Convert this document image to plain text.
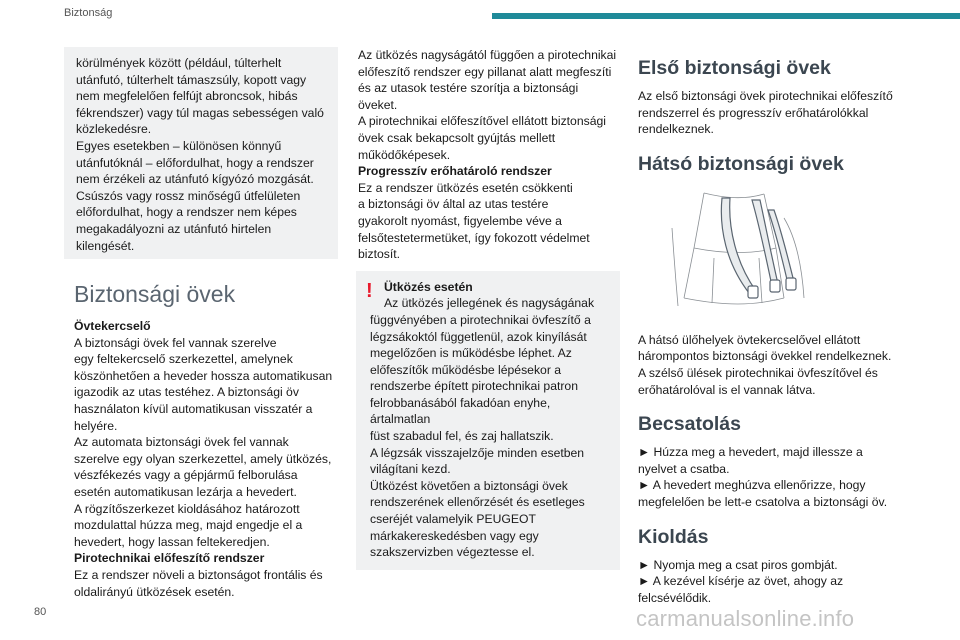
Biztonság

körülmények között (például, túlterhelt

utánfutó, túlterhelt támaszsúly, kopott vagy

nem megfelelően felfújt abroncsok, hibás

fékrendszer) vagy túl magas sebességen való

közlekedésre.

Egyes esetekben – különösen könnyű

utánfutóknál – előfordulhat, hogy a rendszer

nem érzékeli az utánfutó kígyózó mozgását.

Csúszós vagy rossz minőségű útfelületen

előfordulhat, hogy a rendszer nem képes

megakadályozni az utánfutó hirtelen

kilengését.

Biztonsági övek

Övtekercselő

A biztonsági övek fel vannak szerelve

egy feltekercselő szerkezettel, amelynek

köszönhetően a heveder hossza automatikusan

igazodik az utas testéhez. A biztonsági öv

használaton kívül automatikusan visszatér a

helyére.

Az automata biztonsági övek fel vannak

szerelve egy olyan szerkezettel, amely ütközés,

vészfékezés vagy a gépjármű felborulása

esetén automatikusan lezárja a hevedert.

A rögzítőszerkezet kioldásához határozott

mozdulattal húzza meg, majd engedje el a

hevedert, hogy lassan feltekeredjen.

Pirotechnikai előfeszítő rendszer

Ez a rendszer növeli a biztonságot frontális és

oldalirányú ütközések esetén.

Az ütközés nagyságától függően a pirotechnikai

előfeszítő rendszer egy pillanat alatt megfeszíti

és az utasok testére szorítja a biztonsági öveket.

A pirotechnikai előfeszítővel ellátott biztonsági

övek csak bekapcsolt gyújtás mellett

működőképesek.

Progresszív erőhatároló rendszer

Ez a rendszer ütközés esetén csökkenti

a biztonsági öv által az utas testére

gyakorolt nyomást, figyelembe véve a

felsőtestetermetüket, így fokozott védelmet

biztosít.

! Ütközés esetén

Az ütközés jellegének és nagyságának

függvényében a pirotechnikai övfeszítő a

légzsákoktól függetlenül, azok kinyílását

megelőzően is működésbe léphet. Az

előfeszítők működésbe lépésekor a

rendszerbe épített pirotechnikai patron

felrobbanásából fakadóan enyhe, ártalmatlan

füst szabadul fel, és zaj hallatszik.

A légzsák visszajelzője minden esetben

világítani kezd.

Ütközést követően a biztonsági övek

rendszerének ellenőrzését és esetleges

cseréjét valamelyik PEUGEOT

márkakereskedésben vagy egy

szakszervizben végeztesse el.

Első biztonsági övek

Az első biztonsági övek pirotechnikai előfeszítő

rendszerrel és progresszív erőhatárolókkal

rendelkeznek.

Hátsó biztonsági övek

A hátsó ülőhelyek övtekercselővel ellátott

hárompontos biztonsági övekkel rendelkeznek.

A szélső ülések pirotechnikai övfeszítővel és

erőhatárolóval is el vannak látva.

Becsatolás

► Húzza meg a hevedert, majd illessze a

nyelvet a csatba.

► A hevedert meghúzva ellenőrizze, hogy

megfelelően be lett-e csatolva a biztonsági öv.

Kioldás

► Nyomja meg a csat piros gombját.

► A kezével kísérje az övet, ahogy az

felcsévélődik.

80	carmanualsonline.info
